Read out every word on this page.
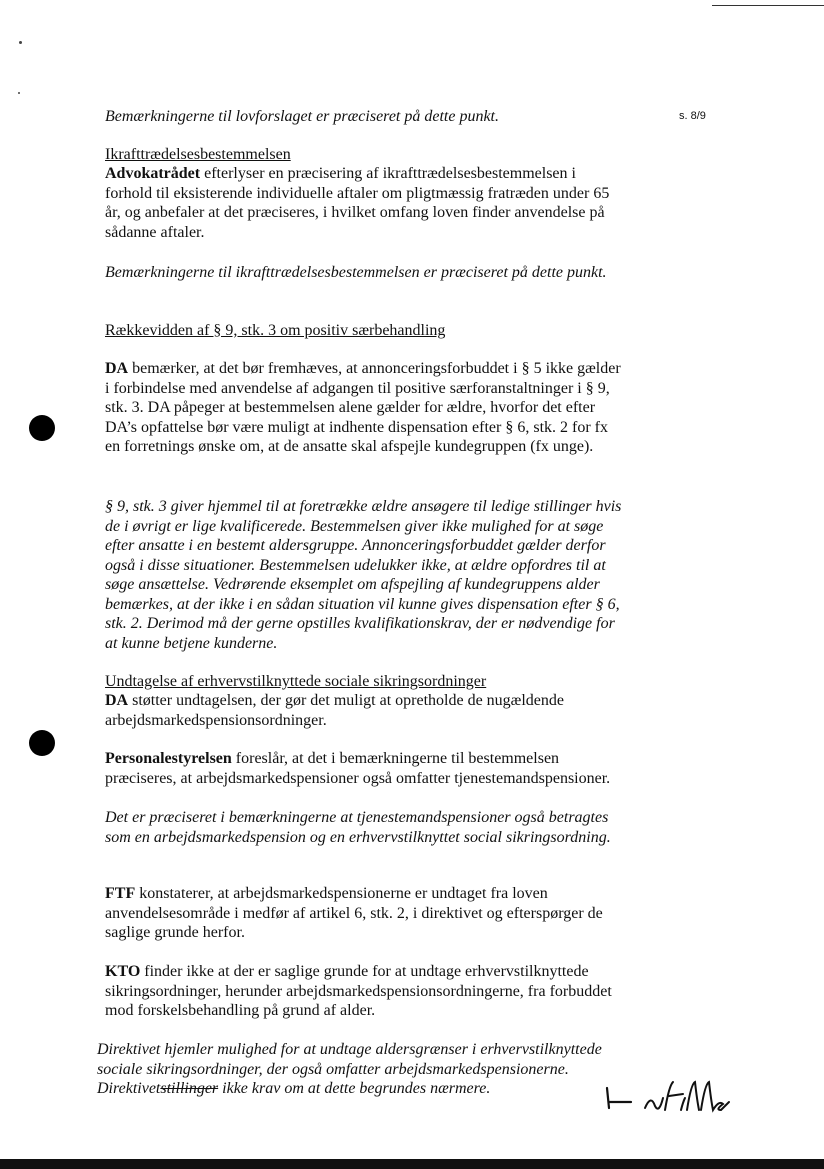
s. 8/9

Bemærkningerne til lovforslaget er præciseret på dette punkt.

Ikrafttrædelsesbestemmelsen

Advokatrådet efterlyser en præcisering af ikrafttrædelsesbestemmelsen i forhold til eksisterende individuelle aftaler om pligtmæssig fratræden under 65 år, og anbefaler at det præciseres, i hvilket omfang loven finder anvendelse på sådanne aftaler.

Bemærkningerne til ikrafttrædelsesbestemmelsen er præciseret på dette punkt.

Rækkevidden af § 9, stk. 3 om positiv særbehandling

DA bemærker, at det bør fremhæves, at annonceringsforbuddet i § 5 ikke gælder i forbindelse med anvendelse af adgangen til positive særforanstaltninger i § 9, stk. 3. DA påpeger at bestemmelsen alene gælder for ældre, hvorfor det efter DA’s opfattelse bør være muligt at indhente dispensation efter § 6, stk. 2 for fx en forretnings ønske om, at de ansatte skal afspejle kundegruppen (fx unge).

§ 9, stk. 3 giver hjemmel til at foretrække ældre ansøgere til ledige stillinger hvis de i øvrigt er lige kvalificerede. Bestemmelsen giver ikke mulighed for at søge efter ansatte i en bestemt aldersgruppe. Annonceringsforbuddet gælder derfor også i disse situationer. Bestemmelsen udelukker ikke, at ældre opfordres til at søge ansættelse. Vedrørende eksemplet om afspejling af kundegruppens alder bemærkes, at der ikke i en sådan situation vil kunne gives dispensation efter § 6, stk. 2. Derimod må der gerne opstilles kvalifikationskrav, der er nødvendige for at kunne betjene kunderne.

Undtagelse af erhvervstilknyttede sociale sikringsordninger

DA støtter undtagelsen, der gør det muligt at opretholde de nugældende arbejdsmarkedspensionsordninger.

Personalestyrelsen foreslår, at det i bemærkningerne til bestemmelsen præciseres, at arbejdsmarkedspensioner også omfatter tjenestemandspensioner.

Det er præciseret i bemærkningerne at tjenestemandspensioner også betragtes som en arbejdsmarkedspension og en erhvervstilknyttet social sikringsordning.

FTF konstaterer, at arbejdsmarkedspensionerne er undtaget fra loven anvendelsesområde i medfør af artikel 6, stk. 2, i direktivet og efterspørger de saglige grunde herfor.

KTO finder ikke at der er saglige grunde for at undtage erhvervstilknyttede sikringsordninger, herunder arbejdsmarkedspensionsordningerne, fra forbuddet mod forskelsbehandling på grund af alder.

Direktivet hjemler mulighed for at undtage aldersgrænser i erhvervstilknyttede sociale sikringsordninger, der også omfatter arbejdsmarkedspensionerne. Direktivetstillinger ikke krav om at dette begrundes nærmere.
